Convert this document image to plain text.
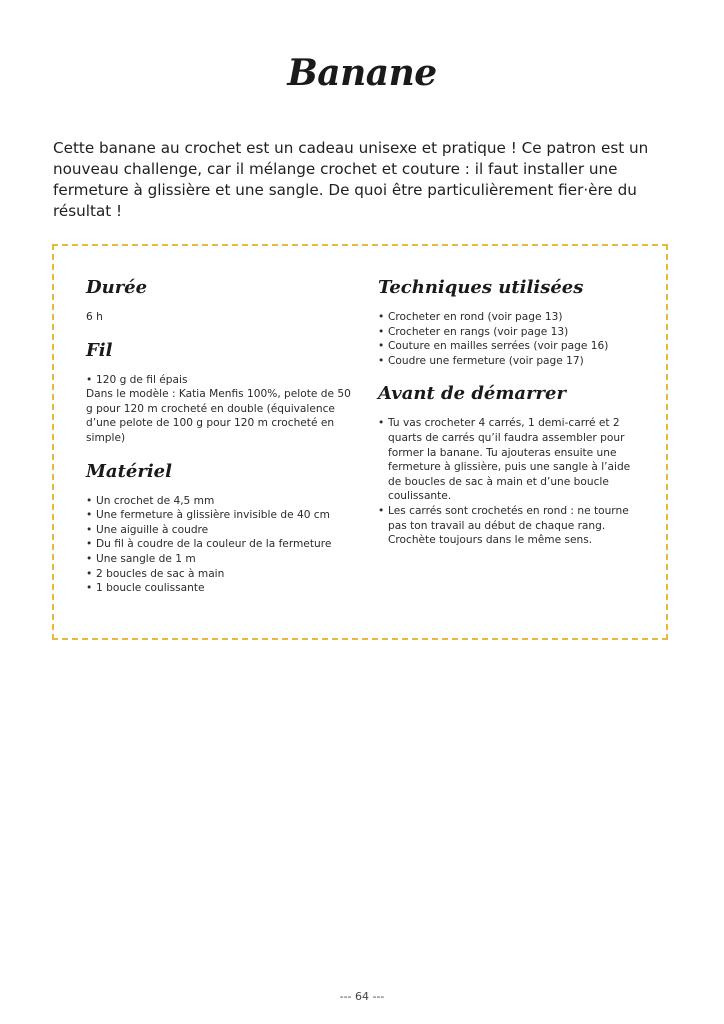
Banane
Cette banane au crochet est un cadeau unisexe et pratique ! Ce patron est un nouveau challenge, car il mélange crochet et couture : il faut installer une fermeture à glissière et une sangle. De quoi être particulièrement fier·ère du résultat !
Durée
6 h
Fil
• 120 g de fil épais
Dans le modèle : Katia Menfis 100%, pelote de 50 g pour 120 m crocheté en double (équivalence d’une pelote de 100 g pour 120 m crocheté en simple)
Matériel
• Un crochet de 4,5 mm
• Une fermeture à glissière invisible de 40 cm
• Une aiguille à coudre
• Du fil à coudre de la couleur de la fermeture
• Une sangle de 1 m
• 2 boucles de sac à main
• 1 boucle coulissante
Techniques utilisées
• Crocheter en rond (voir page 13)
• Crocheter en rangs (voir page 13)
• Couture en mailles serrées (voir page 16)
• Coudre une fermeture (voir page 17)
Avant de démarrer
• Tu vas crocheter 4 carrés, 1 demi-carré et 2 quarts de carrés qu’il faudra assembler pour former la banane. Tu ajouteras ensuite une fermeture à glissière, puis une sangle à l’aide de boucles de sac à main et d’une boucle coulissante.
• Les carrés sont crochetés en rond : ne tourne pas ton travail au début de chaque rang. Crochète toujours dans le même sens.
--- 64 ---
